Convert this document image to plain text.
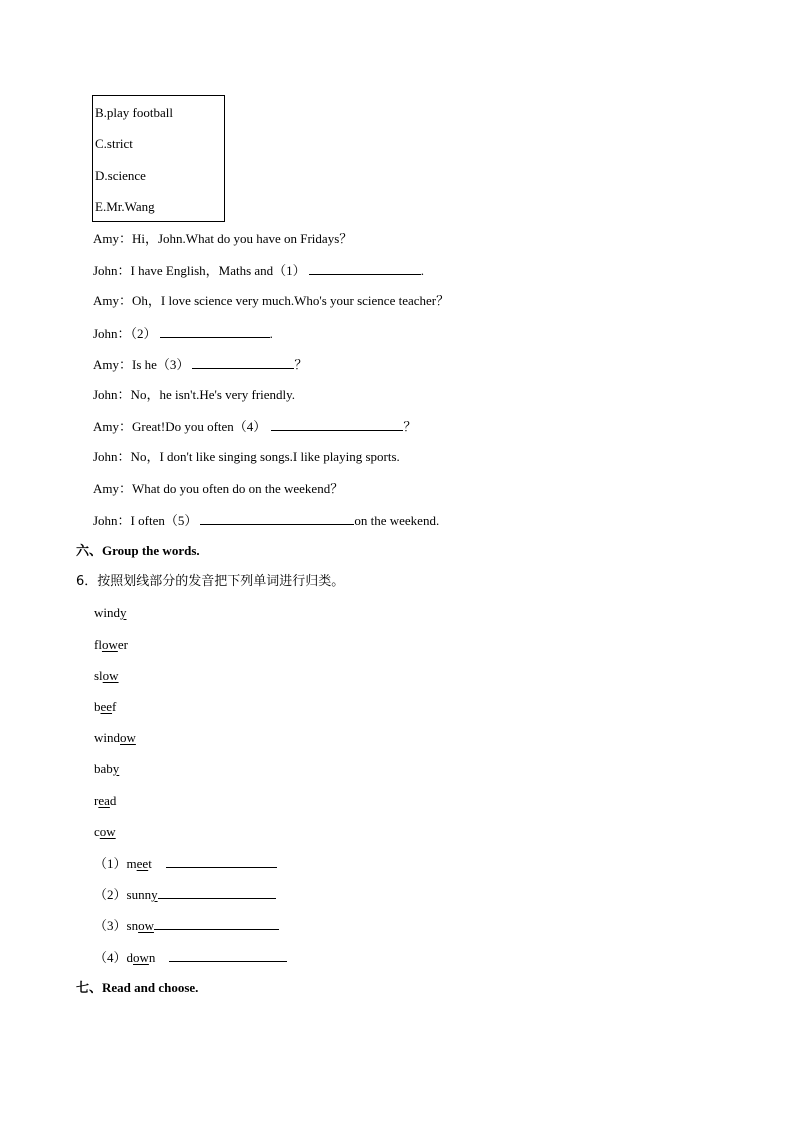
B.play football
C.strict
D.science
E.Mr.Wang
Amy：Hi，John.What do you have on Fridays？
John：I have English，Maths and（1）	.
Amy：Oh，I love science very much.Who's your science teacher？
John：（2）	.
Amy：Is he（3）	？
John：No，he isn't.He's very friendly.
Amy：Great!Do you often（4）	？
John：No，I don't like singing songs.I like playing sports.
Amy：What do you often do on the weekend？
John：I often（5）	on the weekend.
六、Group the words.
6．按照划线部分的发音把下列单词进行归类。
windy
flower
slow
beef
window
baby
read
cow
（1）meet
（2）sunny
（3）snow
（4）down
七、Read and choose.
